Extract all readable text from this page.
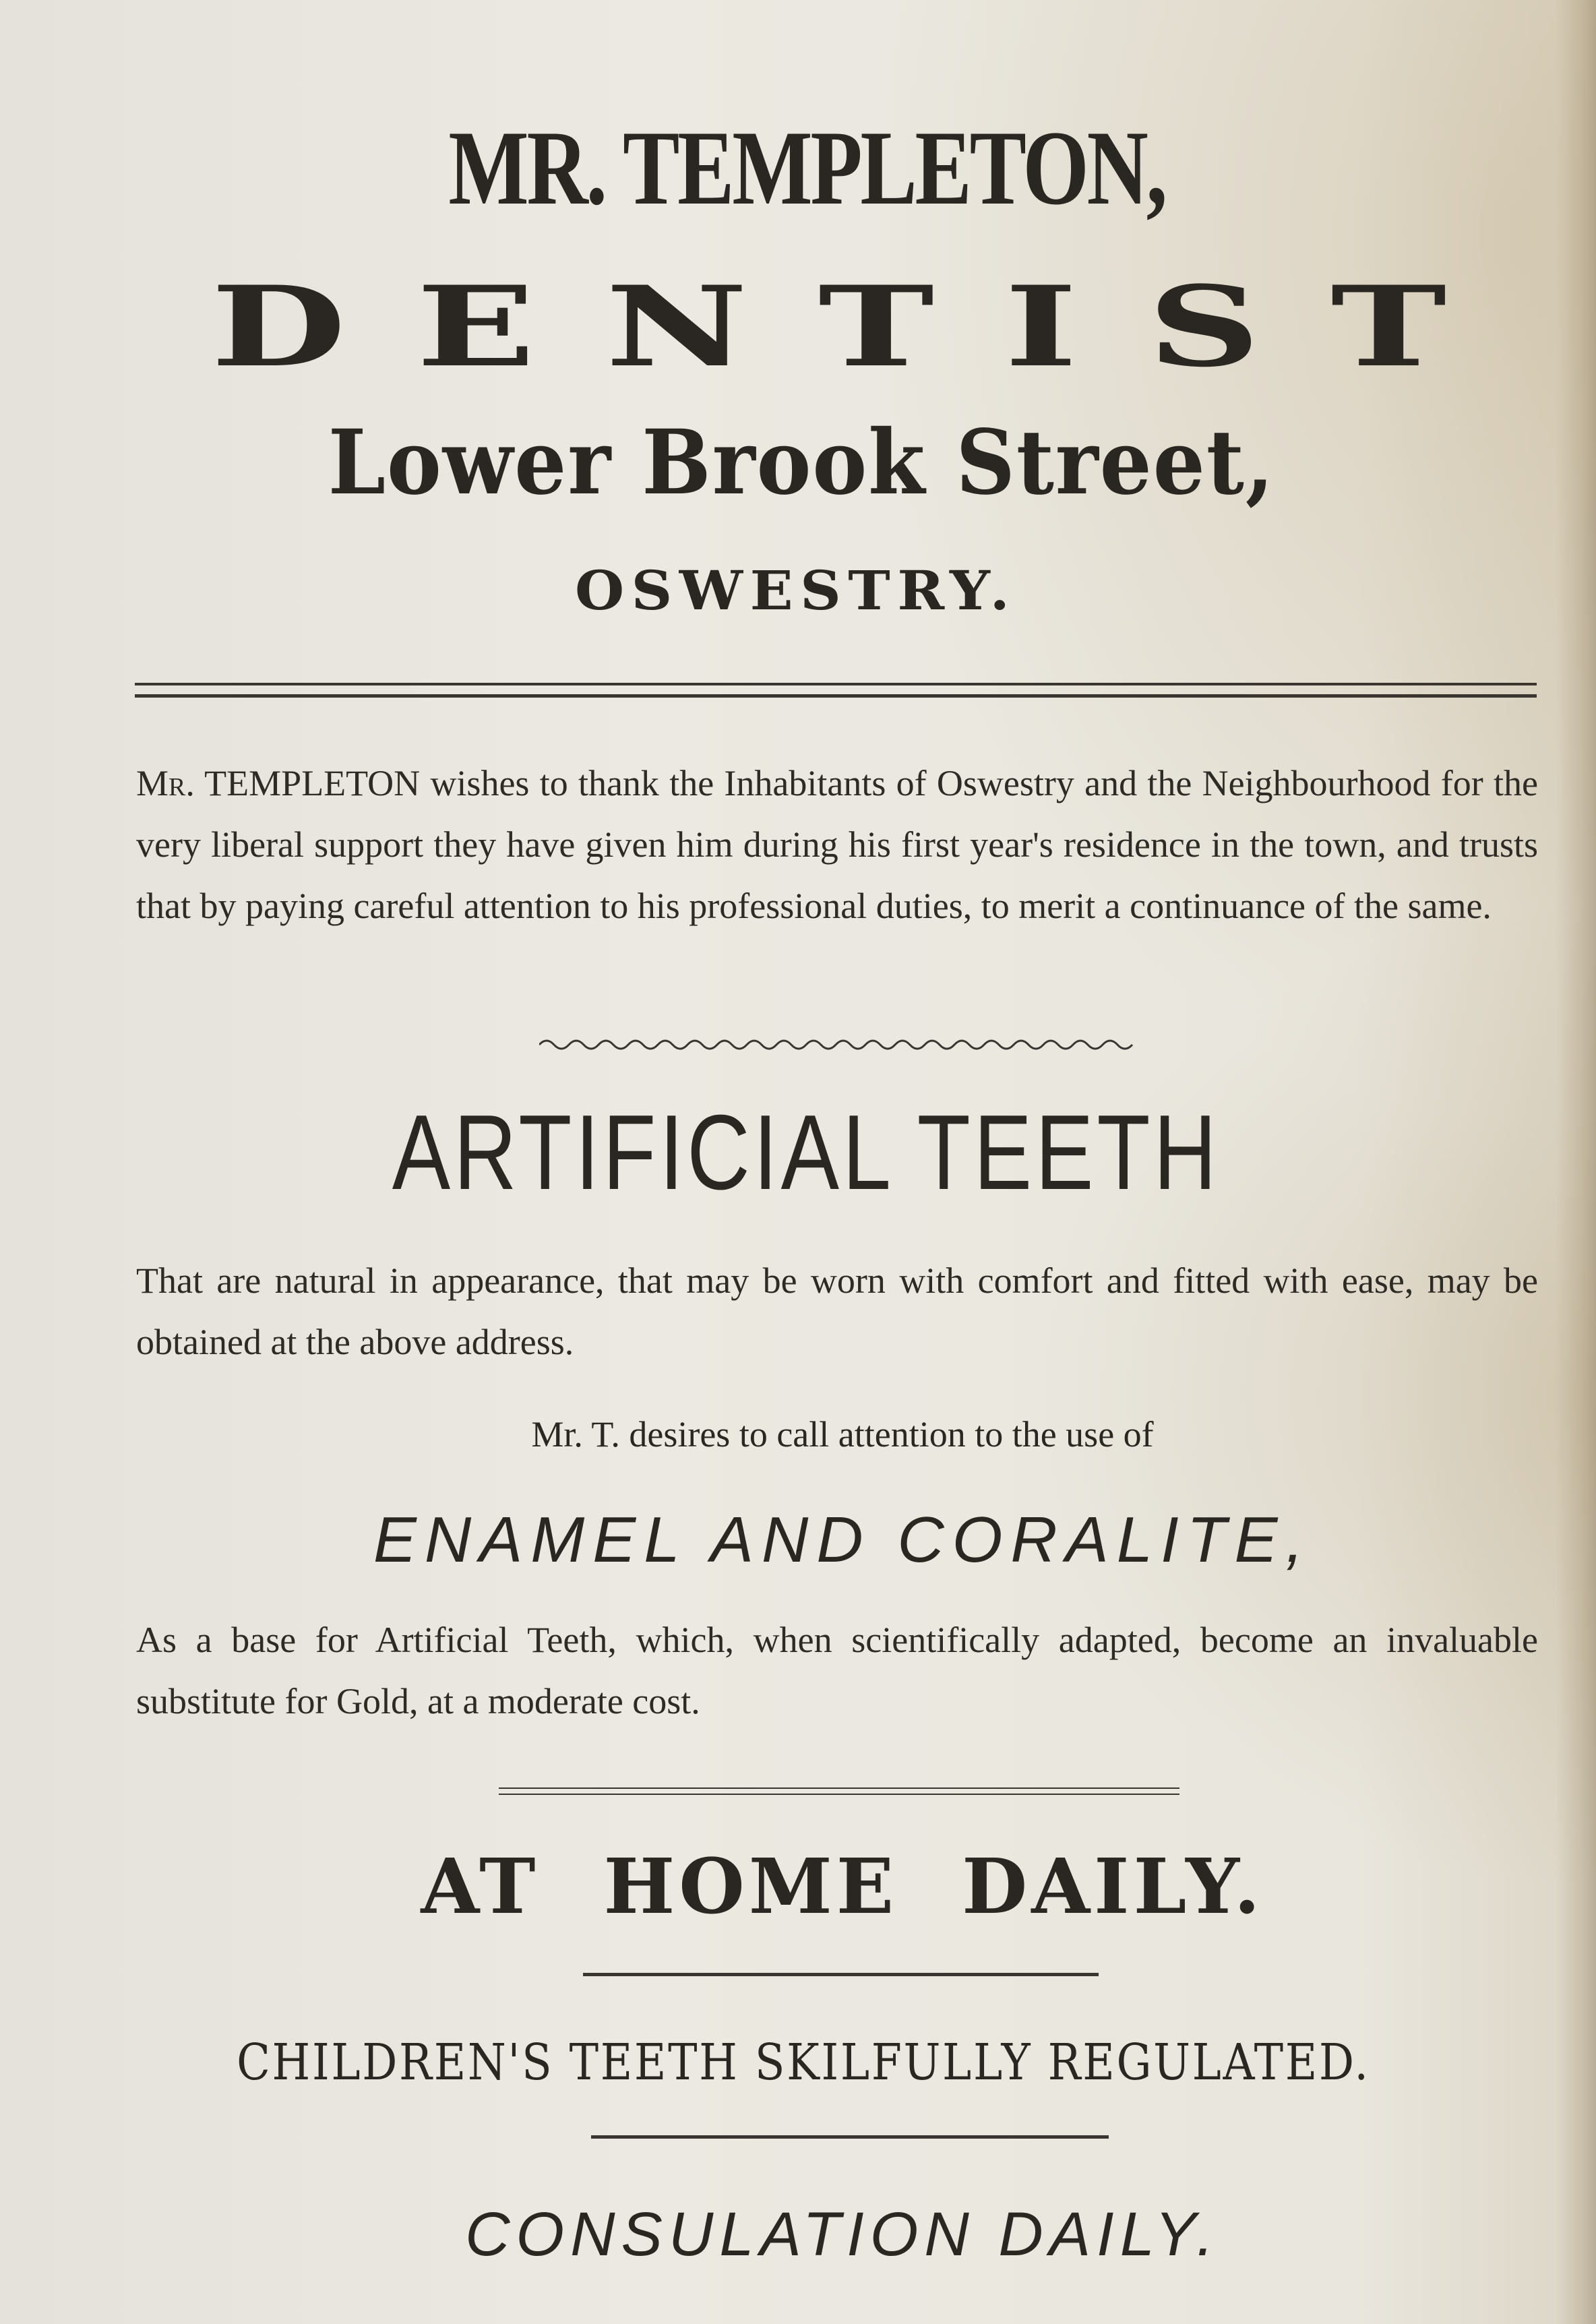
MR. TEMPLETON,
DENTIST
Lower Brook Street,
OSWESTRY.
Mr. TEMPLETON wishes to thank the Inhabitants of Oswestry and the Neighbourhood for the very liberal support they have given him during his first year's residence in the town, and trusts that by paying careful attention to his professional duties, to merit a continuance of the same.
ARTIFICIAL TEETH
That are natural in appearance, that may be worn with comfort and fitted with ease, may be obtained at the above address.
Mr. T. desires to call attention to the use of
ENAMEL AND CORALITE,
As a base for Artificial Teeth, which, when scientifically adapted, become an invaluable substitute for Gold, at a moderate cost.
AT HOME DAILY.
CHILDREN'S TEETH SKILFULLY REGULATED.
CONSULATION DAILY.
